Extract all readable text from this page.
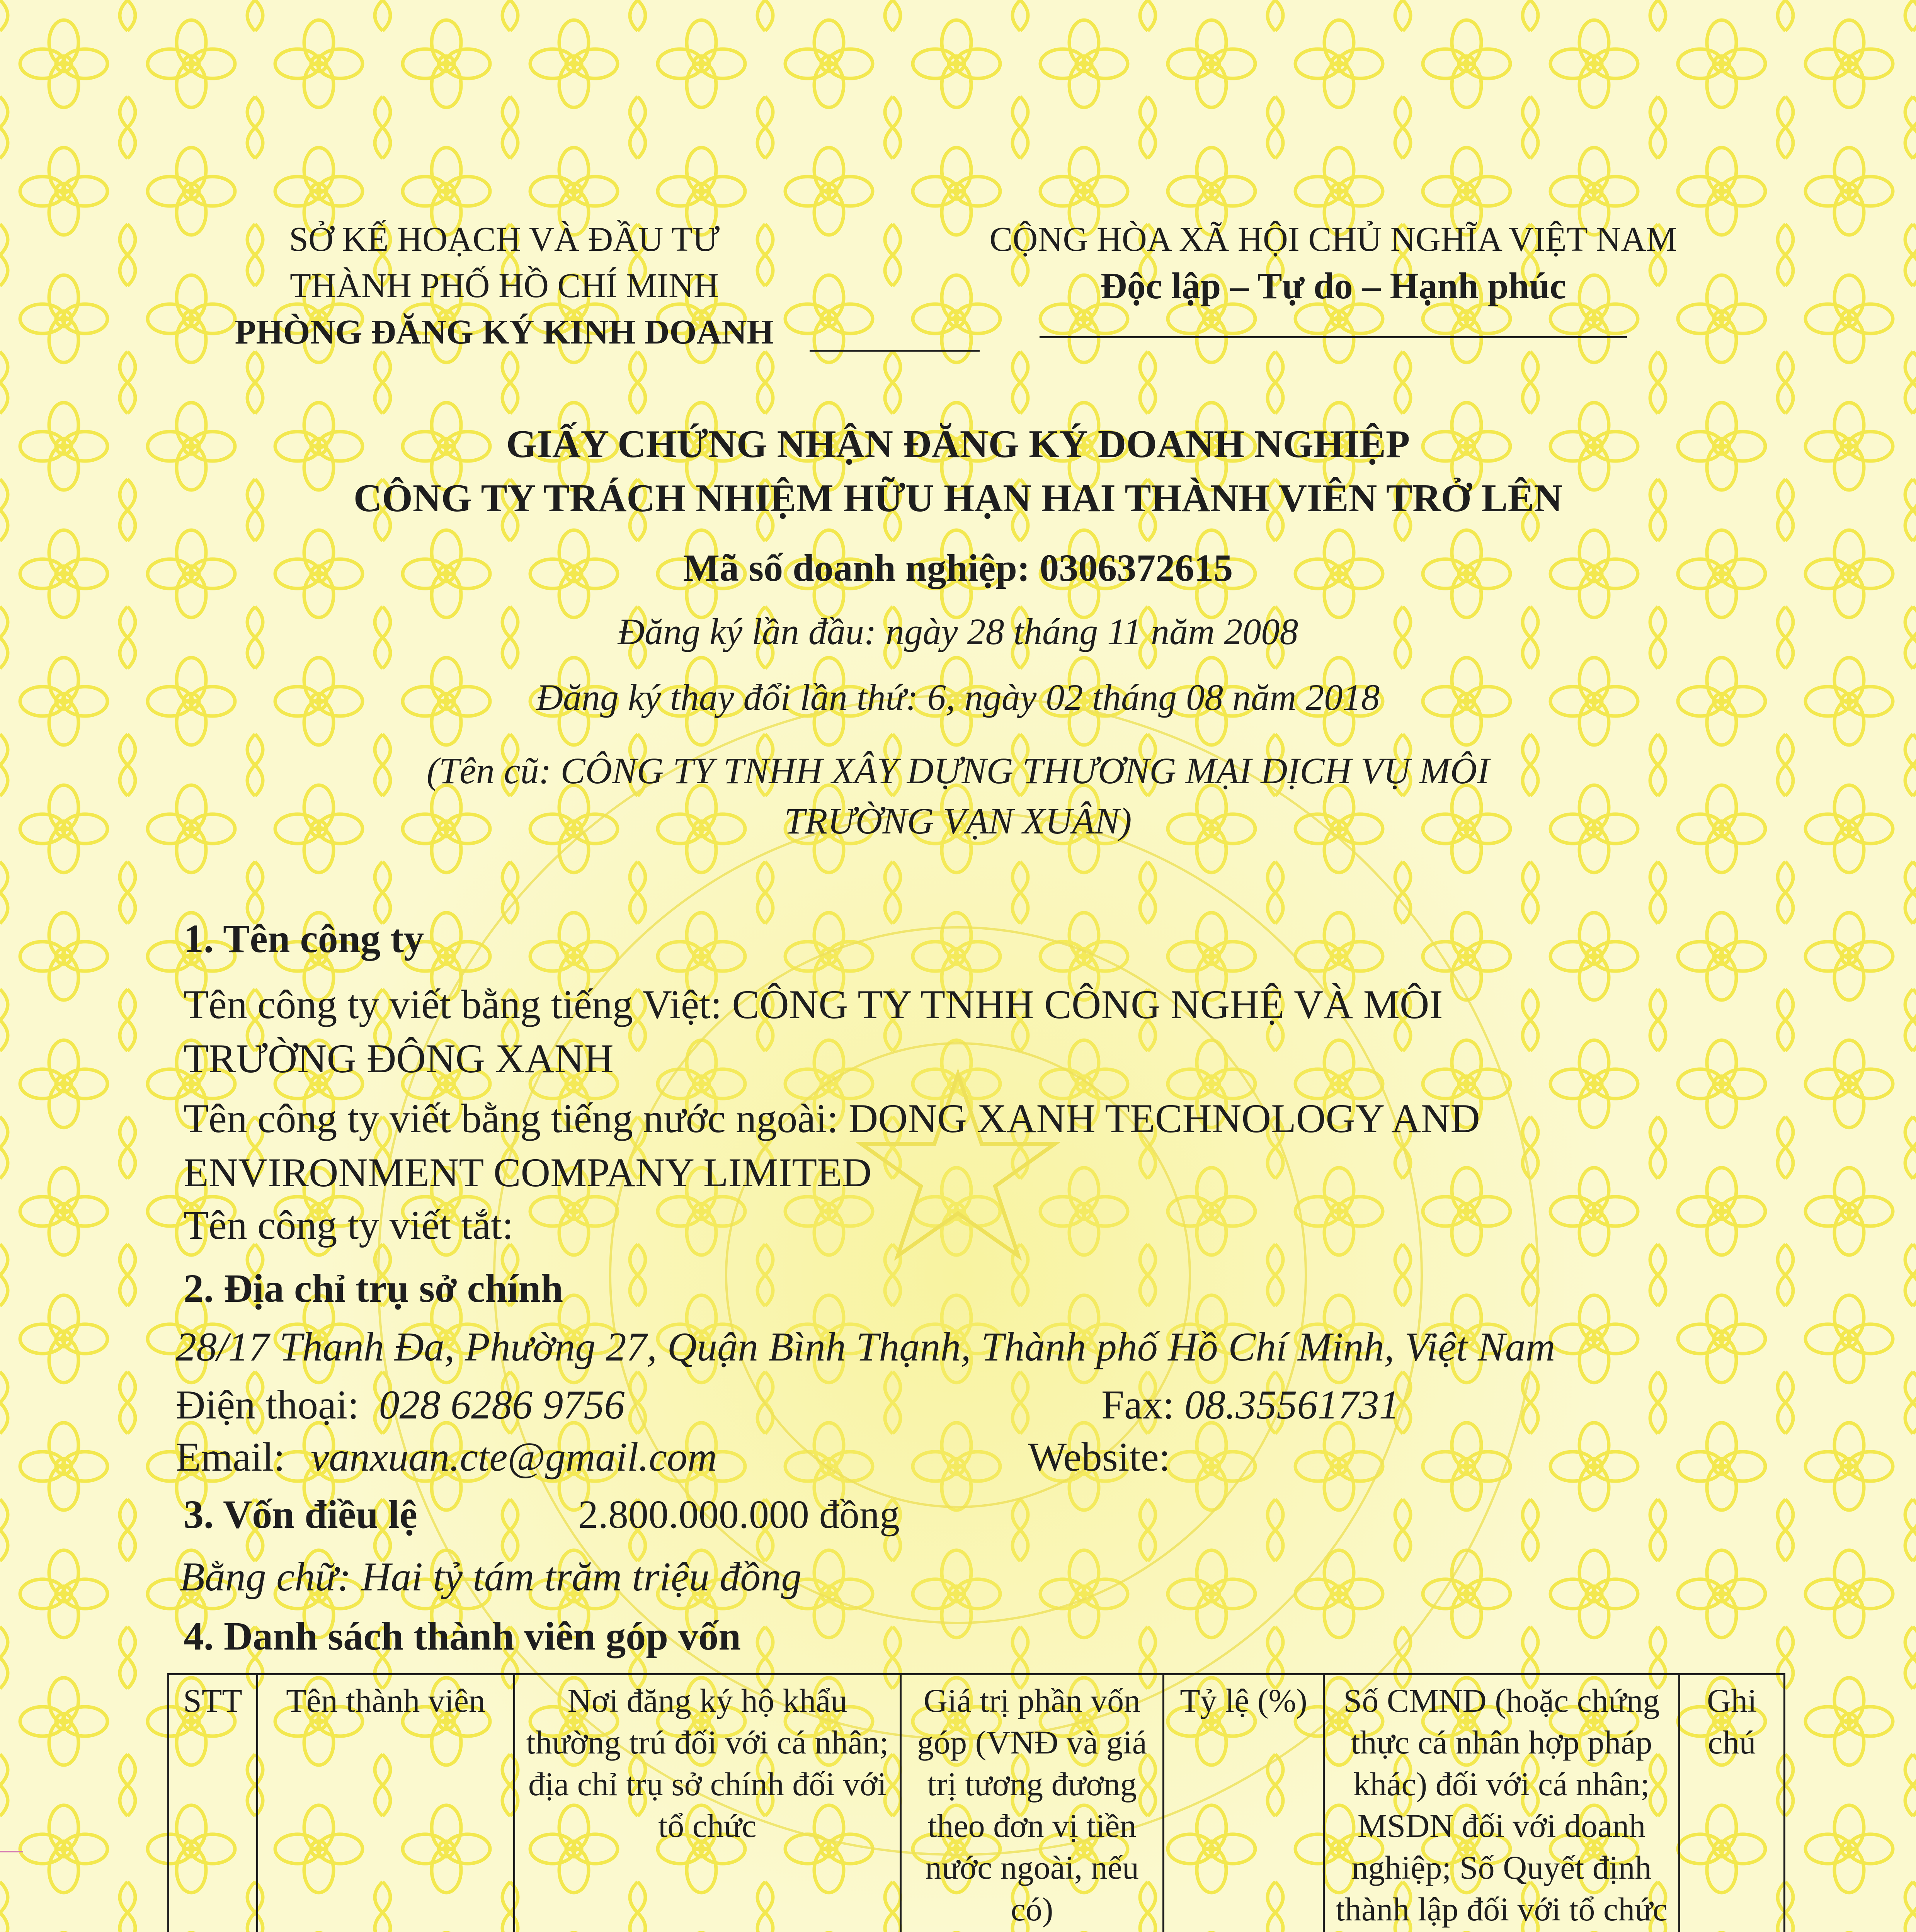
SỞ KẾ HOẠCH VÀ ĐẦU TƯ
THÀNH PHỐ HỒ CHÍ MINH
PHÒNG ĐĂNG KÝ KINH DOANH
CỘNG HÒA XÃ HỘI CHỦ NGHĨA VIỆT NAM
Độc lập – Tự do – Hạnh phúc
GIẤY CHỨNG NHẬN ĐĂNG KÝ DOANH NGHIỆP
CÔNG TY TRÁCH NHIỆM HỮU HẠN HAI THÀNH VIÊN TRỞ LÊN
Mã số doanh nghiệp: 0306372615
Đăng ký lần đầu: ngày 28 tháng 11 năm 2008
Đăng ký thay đổi lần thứ: 6, ngày 02 tháng 08 năm 2018
(Tên cũ: CÔNG TY TNHH XÂY DỰNG THƯƠNG MẠI DỊCH VỤ MÔI
TRƯỜNG VẠN XUÂN)
1. Tên công ty
Tên công ty viết bằng tiếng Việt: CÔNG TY TNHH CÔNG NGHỆ VÀ MÔI
TRƯỜNG ĐÔNG XANH
Tên công ty viết bằng tiếng nước ngoài: DONG XANH TECHNOLOGY AND
ENVIRONMENT COMPANY LIMITED
Tên công ty viết tắt:
2. Địa chỉ trụ sở chính
28/17 Thanh Đa, Phường 27, Quận Bình Thạnh, Thành phố Hồ Chí Minh, Việt Nam
Điện thoại: 028 6286 9756	Fax: 08.35561731
Email: vanxuan.cte@gmail.com	Website:
3. Vốn điều lệ	2.800.000.000 đồng
Bằng chữ: Hai tỷ tám trăm triệu đồng
4. Danh sách thành viên góp vốn
STT	Tên thành viên	Nơi đăng ký hộ khẩu thường trú đối với cá nhân; địa chỉ trụ sở chính đối với tổ chức	Giá trị phần vốn góp (VNĐ và giá trị tương đương theo đơn vị tiền nước ngoài, nếu có)	Tỷ lệ (%)	Số CMND (hoặc chứng thực cá nhân hợp pháp khác) đối với cá nhân; MSDN đối với doanh nghiệp; Số Quyết định thành lập đối với tổ chức	Ghi chú
